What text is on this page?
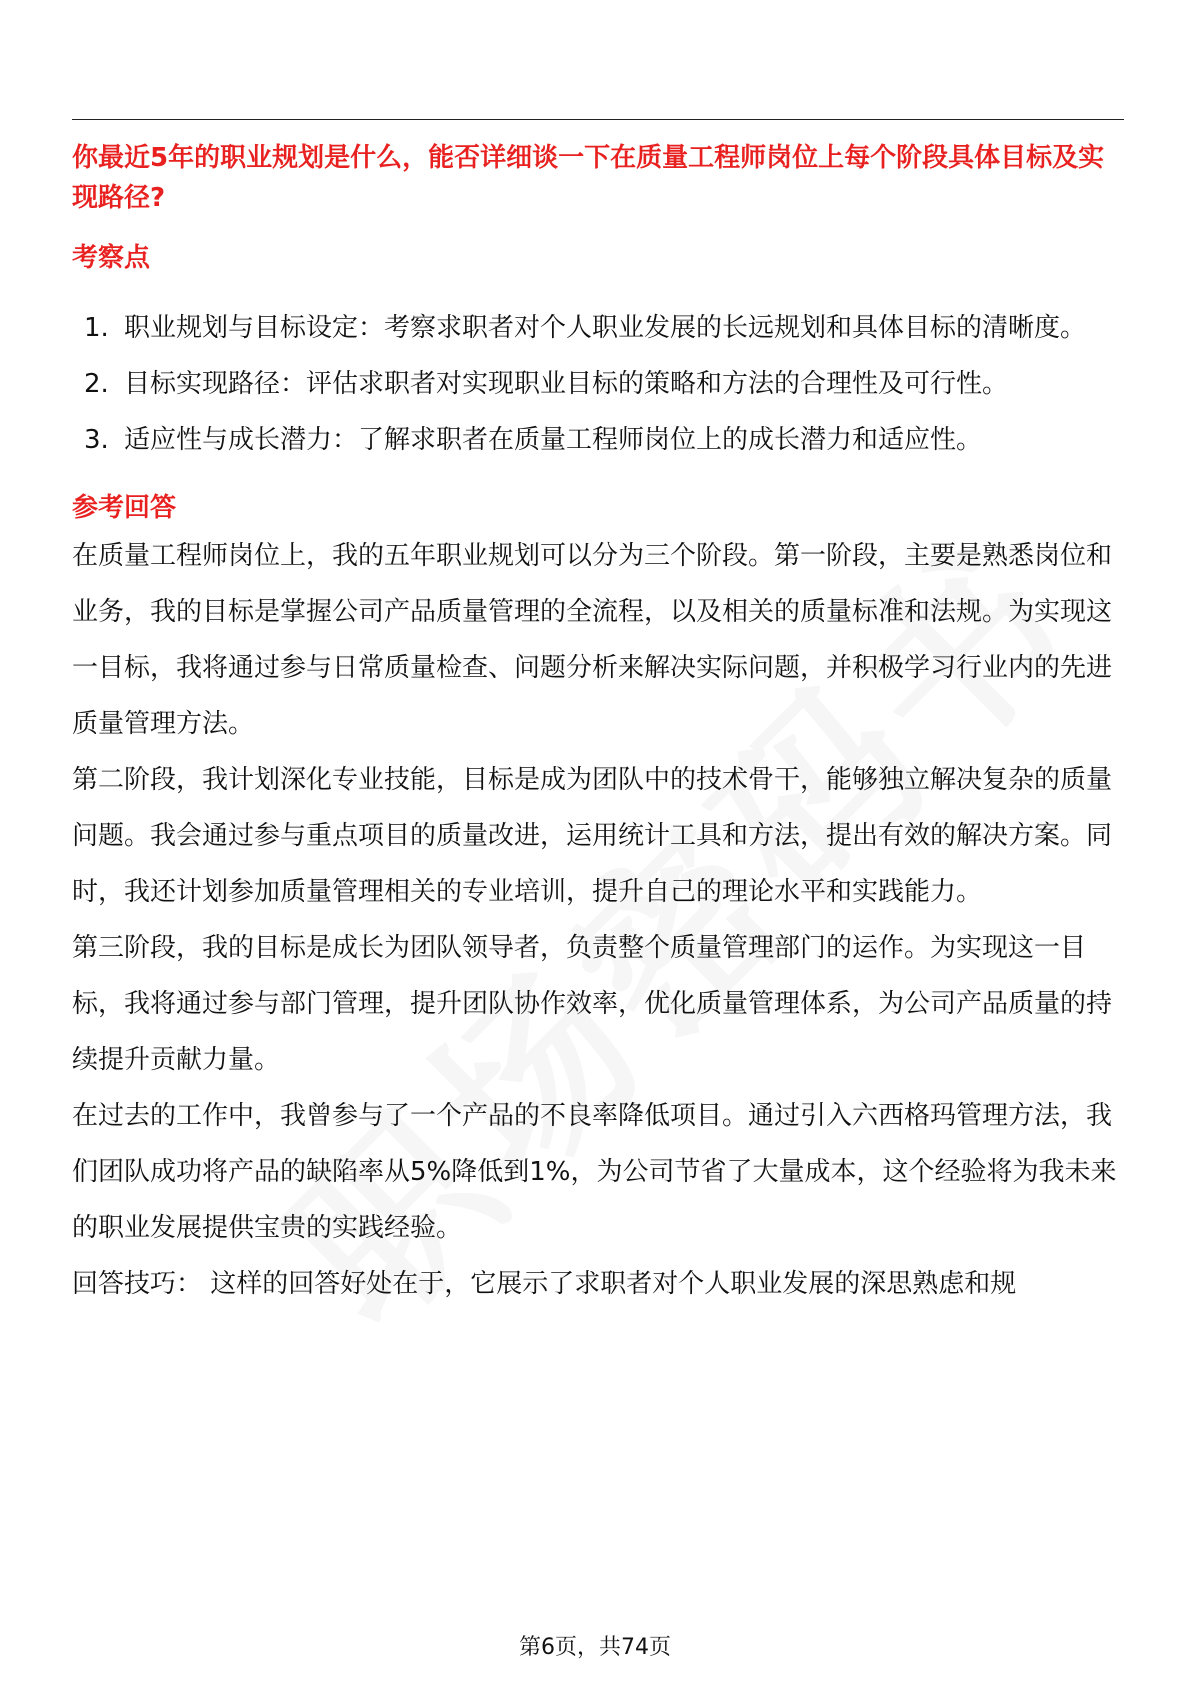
你最近5年的职业规划是什么，能否详细谈一下在质量工程师岗位上每个阶段具体目标及实现路径?

考察点

1. 职业规划与目标设定：考察求职者对个人职业发展的长远规划和具体目标的清晰度。
2. 目标实现路径：评估求职者对实现职业目标的策略和方法的合理性及可行性。
3. 适应性与成长潜力：了解求职者在质量工程师岗位上的成长潜力和适应性。

参考回答

在质量工程师岗位上，我的五年职业规划可以分为三个阶段。第一阶段，主要是熟悉岗位和业务，我的目标是掌握公司产品质量管理的全流程，以及相关的质量标准和法规。为实现这一目标，我将通过参与日常质量检查、问题分析来解决实际问题，并积极学习行业内的先进质量管理方法。

第二阶段，我计划深化专业技能，目标是成为团队中的技术骨干，能够独立解决复杂的质量问题。我会通过参与重点项目的质量改进，运用统计工具和方法，提出有效的解决方案。同时，我还计划参加质量管理相关的专业培训，提升自己的理论水平和实践能力。

第三阶段，我的目标是成长为团队领导者，负责整个质量管理部门的运作。为实现这一目标，我将通过参与部门管理，提升团队协作效率，优化质量管理体系，为公司产品质量的持续提升贡献力量。

在过去的工作中，我曾参与了一个产品的不良率降低项目。通过引入六西格玛管理方法，我们团队成功将产品的缺陷率从5%降低到1%，为公司节省了大量成本，这个经验将为我未来的职业发展提供宝贵的实践经验。

回答技巧： 这样的回答好处在于，它展示了求职者对个人职业发展的深思熟虑和规

第6页，共74页
